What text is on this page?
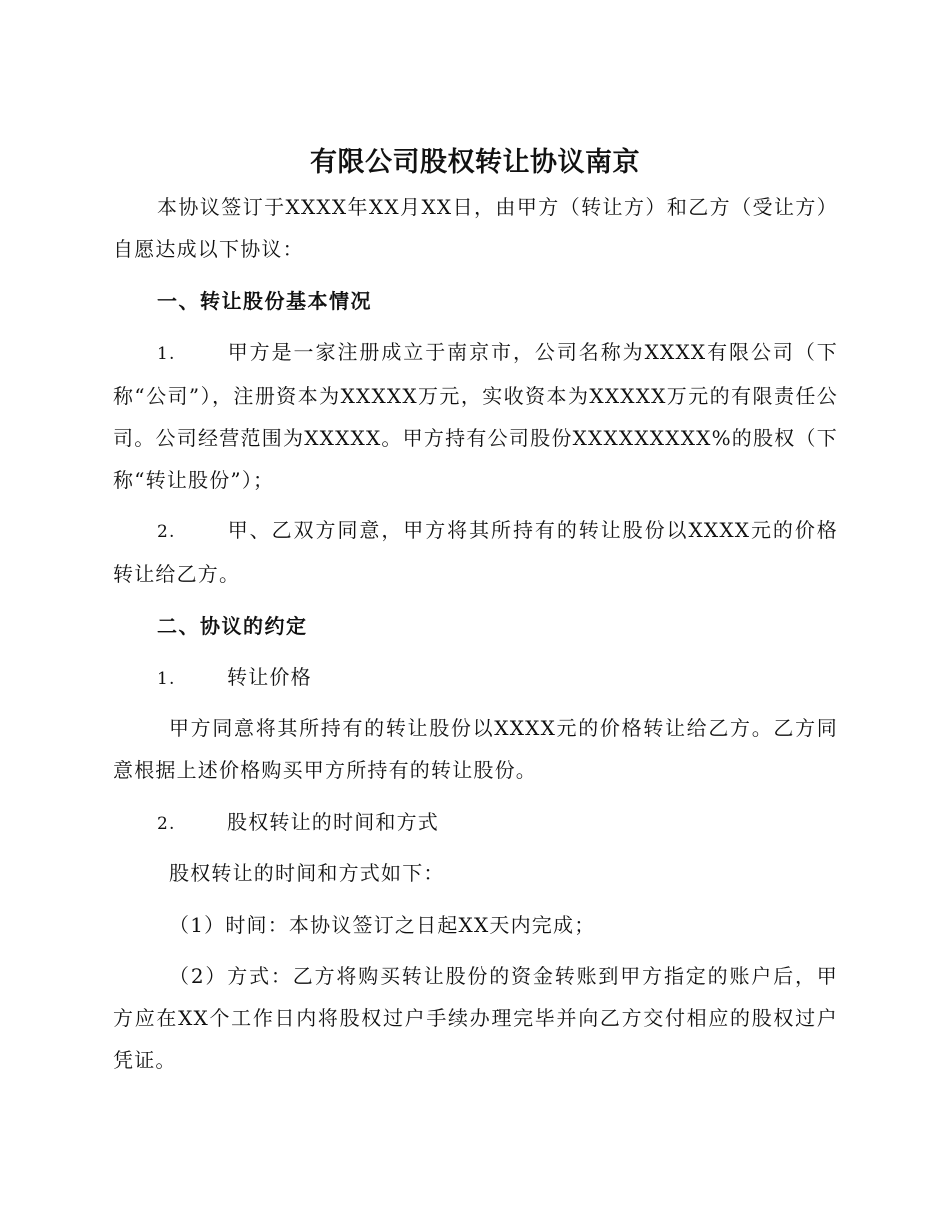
有限公司股权转让协议南京

本协议签订于XXXX年XX月XX日，由甲方（转让方）和乙方（受让方）自愿达成以下协议：

一、转让股份基本情况

1.	甲方是一家注册成立于南京市，公司名称为XXXX有限公司（下称“公司”），注册资本为XXXXX万元，实收资本为XXXXX万元的有限责任公司。公司经营范围为XXXXX。甲方持有公司股份XXXXXXXXX%的股权（下称“转让股份”）；

2.	甲、乙双方同意，甲方将其所持有的转让股份以XXXX元的价格转让给乙方。

二、协议的约定
1.	转让价格

甲方同意将其所持有的转让股份以XXXX元的价格转让给乙方。乙方同意根据上述价格购买甲方所持有的转让股份。

2.	股权转让的时间和方式

股权转让的时间和方式如下：

（1）时间：本协议签订之日起XX天内完成；

（2）方式：乙方将购买转让股份的资金转账到甲方指定的账户后，甲方应在XX个工作日内将股权过户手续办理完毕并向乙方交付相应的股权过户凭证。
